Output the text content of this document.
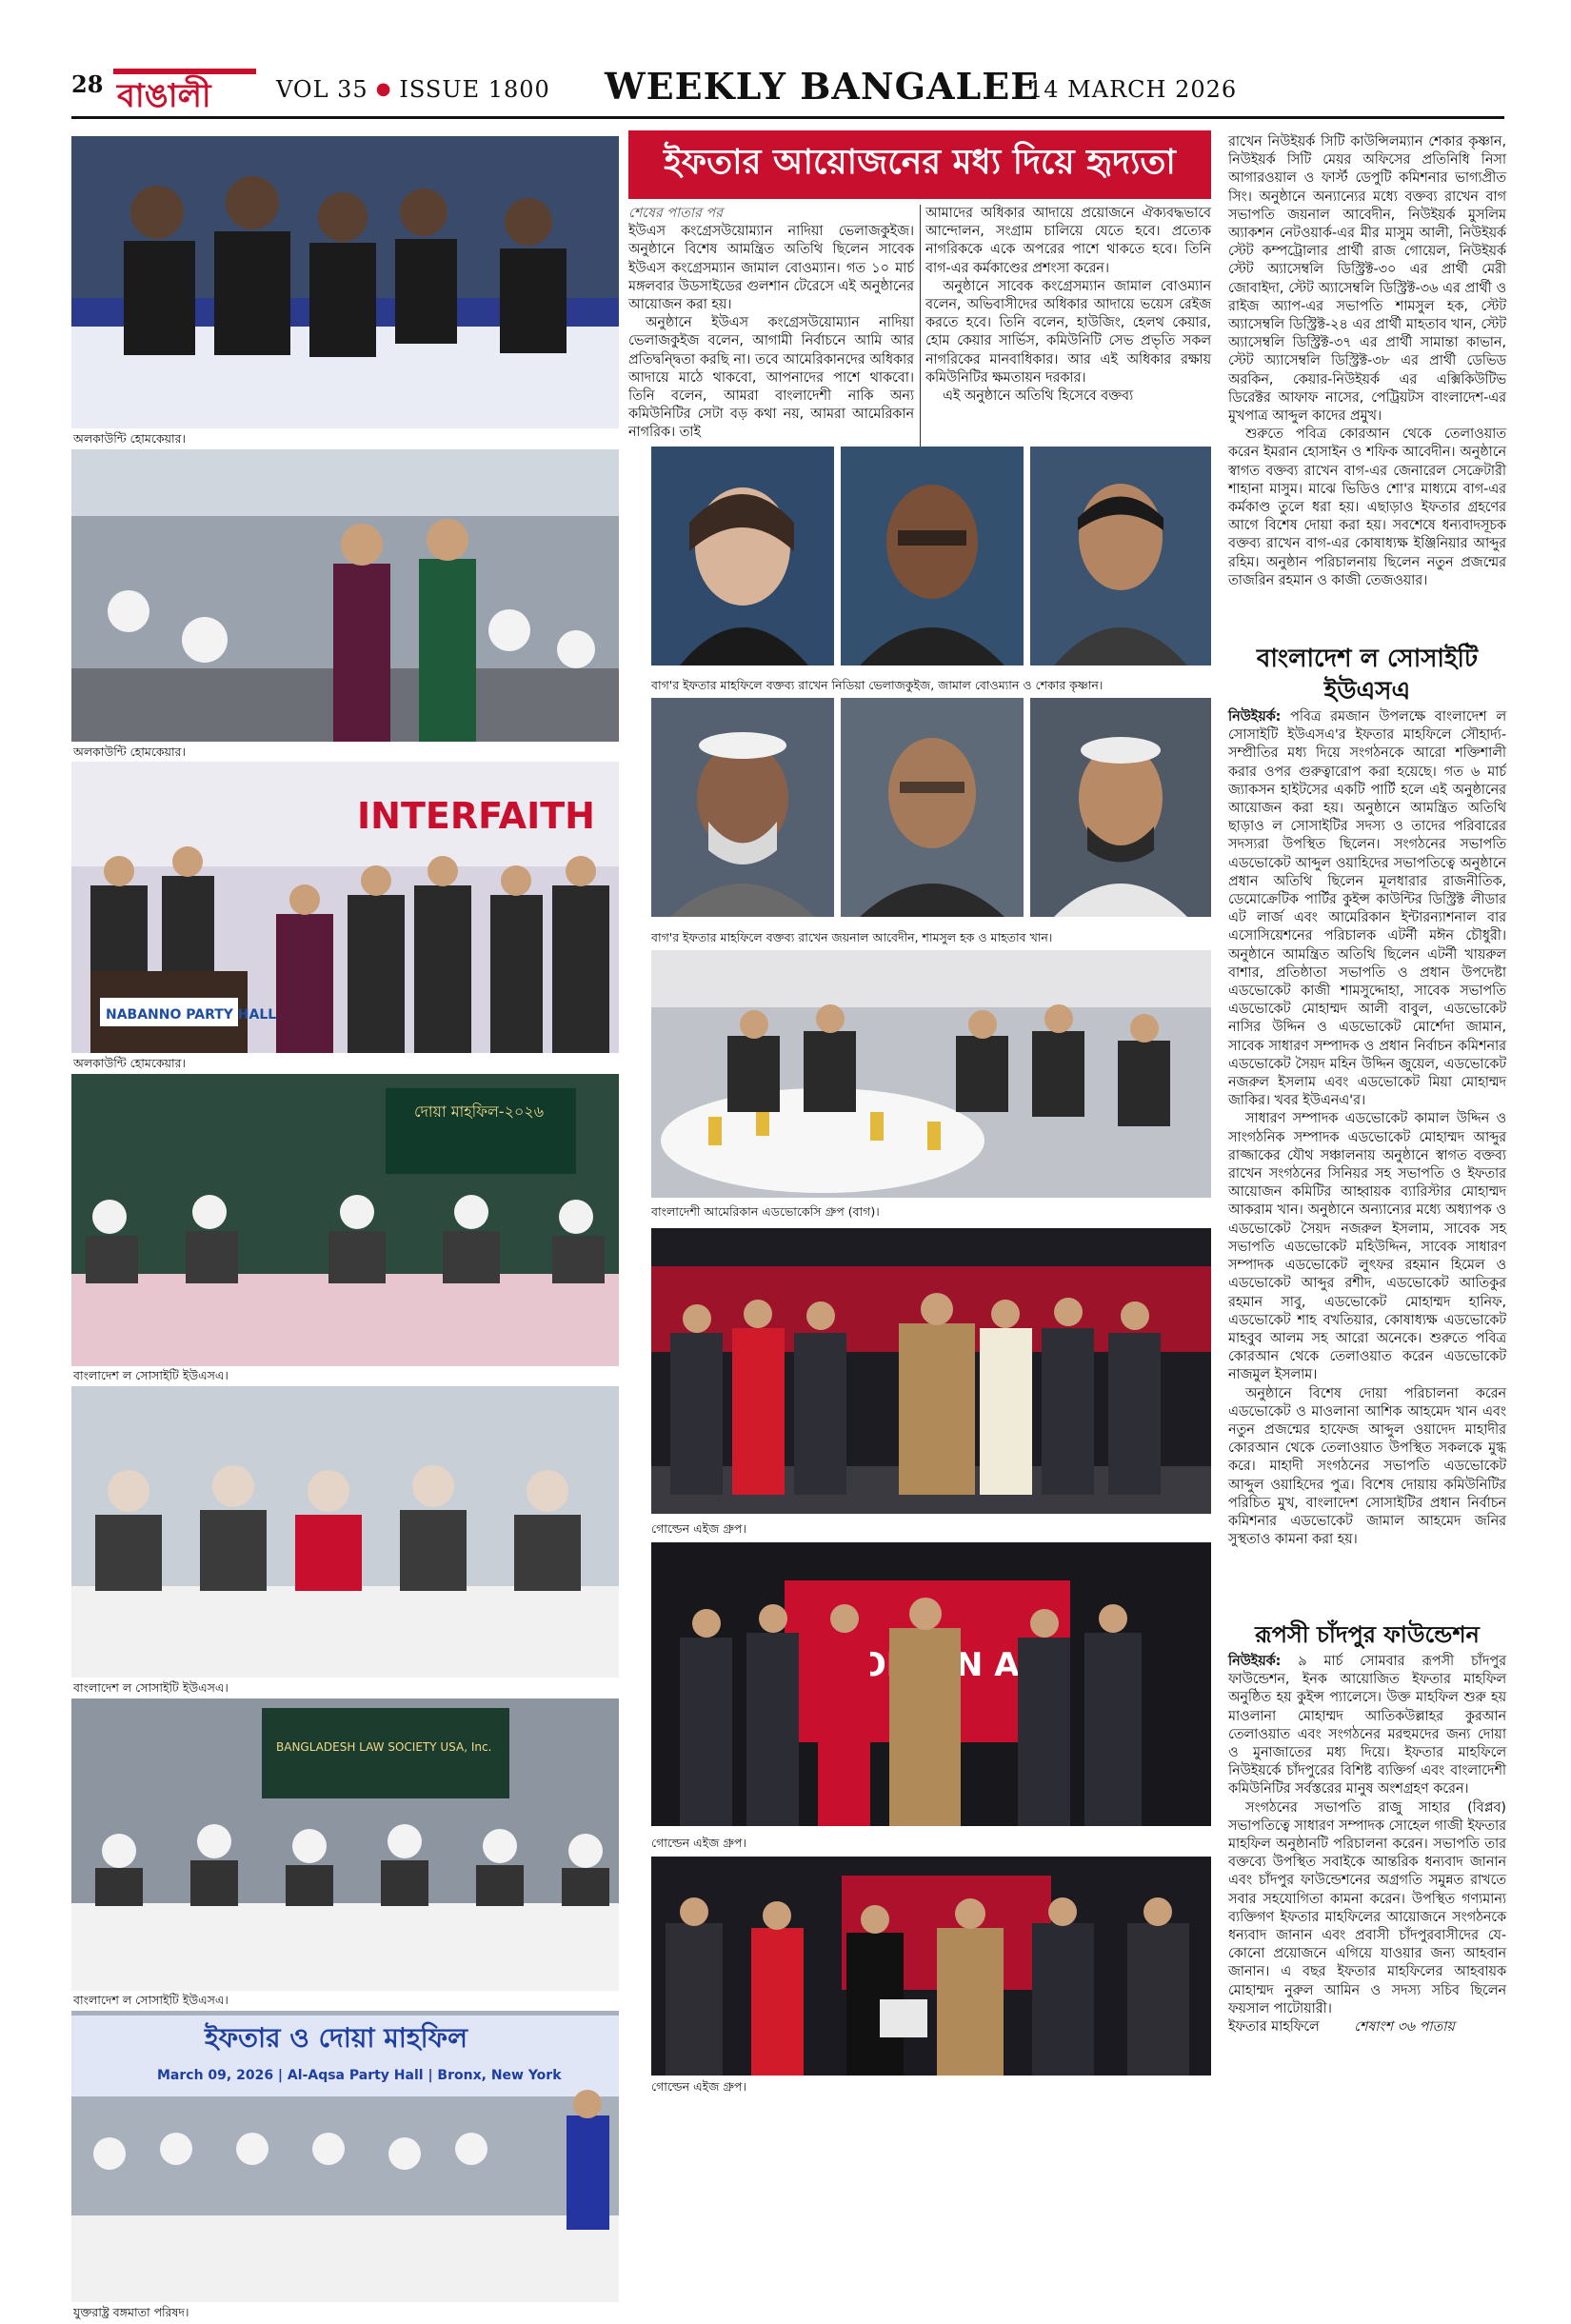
28 বাঙালী	VOL 35 ● ISSUE 1800 WEEKLY BANGALEE
14 MARCH 2026
অলকাউন্টি হোমকেয়ার।
অলকাউন্টি হোমকেয়ার।
INTERFAITH
NABANNO PARTY HALL
অলকাউন্টি হোমকেয়ার।
দোয়া মাহফিল-২০২৬
বাংলাদেশ ল সোসাইটি ইউএসএ।
বাংলাদেশ ল সোসাইটি ইউএসএ।
BANGLADESH LAW SOCIETY USA, Inc.
বাংলাদেশ ল সোসাইটি ইউএসএ।
ইফতার ও দোয়া মাহফিল
March 09, 2026 | Al-Aqsa Party Hall | Bronx, New York
যুক্তরাষ্ট্র বঙ্গমাতা পরিষদ।
ইফতার আয়োজনের মধ্য দিয়ে হৃদ্যতা

শেষের পাতার পর

ইউএস কংগ্রেসউয়োম্যান নাদিয়া ভেলাজকুইজ। অনুষ্ঠানে বিশেষ আমন্ত্রিত অতিথি ছিলেন সাবেক ইউএস কংগ্রেসম্যান জামাল বোওম্যান। গত ১০ মার্চ মঙ্গলবার উডসাইডের গুলশান টেরেসে এই অনুষ্ঠানের আয়োজন করা হয়।

অনুষ্ঠানে ইউএস কংগ্রেসউয়োম্যান নাদিয়া ভেলাজকুইজ বলেন, আগামী নির্বাচনে আমি আর প্রতিদ্বন্দ্বিতা করছি না। তবে আমেরিকানদের অধিকার আদায়ে মাঠে থাকবো, আপনাদের পাশে থাকবো। তিনি বলেন, আমরা বাংলাদেশী নাকি অন্য কমিউনিটির সেটা বড় কথা নয়, আমরা আমেরিকান নাগরিক। তাই

আমাদের অধিকার আদায়ে প্রয়োজনে ঐক্যবদ্ধভাবে আন্দোলন, সংগ্রাম চালিয়ে যেতে হবে। প্রত্যেক নাগরিককে একে অপরের পাশে থাকতে হবে। তিনি বাগ-এর কর্মকাণ্ডের প্রশংসা করেন।

অনুষ্ঠানে সাবেক কংগ্রেসম্যান জামাল বোওম্যান বলেন, অভিবাসীদের অধিকার আদায়ে ভয়েস রেইজ করতে হবে। তিনি বলেন, হাউজিং, হেলথ কেয়ার, হোম কেয়ার সার্ভিস, কমিউনিটি সেভ প্রভৃতি সকল নাগরিকের মানবাধিকার। আর এই অধিকার রক্ষায় কমিউনিটির ক্ষমতায়ন দরকার।

এই অনুষ্ঠানে অতিথি হিসেবে বক্তব্য

বাগ'র ইফতার মাহফিলে বক্তব্য রাখেন নিডিয়া ভেলাজকুইজ, জামাল বোওম্যান ও শেকার কৃষ্ণান।
বাগ'র ইফতার মাহফিলে বক্তব্য রাখেন জয়নাল আবেদীন, শামসুল হক ও মাহতাব খান।
বাংলাদেশী আমেরিকান এডভোকেসি গ্রুপ (বাগ)।
গোল্ডেন এইজ গ্রুপ।
গোল্ডেন এইজ গ্রুপ।
গোল্ডেন এইজ গ্রুপ।

রাখেন নিউইয়র্ক সিটি কাউন্সিলম্যান শেকার কৃষ্ণান, নিউইয়র্ক সিটি মেয়র অফিসের প্রতিনিধি নিসা আগারওয়াল ও ফার্স্ট ডেপুটি কমিশনার ভাগ্যপ্রীত সিং। অনুষ্ঠানে অন্যান্যের মধ্যে বক্তব্য রাখেন বাগ সভাপতি জয়নাল আবেদীন, নিউইয়র্ক মুসলিম অ্যাকশন নেটওয়ার্ক-এর মীর মাসুম আলী, নিউইয়র্ক স্টেট কম্পট্রোলার প্রার্থী রাজ গোয়েল, নিউইয়র্ক স্টেট অ্যাসেম্বলি ডিস্ট্রিক্ট-৩০ এর প্রার্থী মেরী জোবাইদা, স্টেট অ্যাসেম্বলি ডিস্ট্রিক্ট-৩৬ এর প্রার্থী ও রাইজ অ্যাপ-এর সভাপতি শামসুল হক, স্টেট অ্যাসেম্বলি ডিস্ট্রিক্ট-২৪ এর প্রার্থী মাহতাব খান, স্টেট অ্যাসেম্বলি ডিস্ট্রিক্ট-৩৭ এর প্রার্থী সামান্তা কাভান, স্টেট অ্যাসেম্বলি ডিস্ট্রিক্ট-৩৮ এর প্রার্থী ডেভিড অরকিন, কেয়ার-নিউইয়র্ক এর এক্সিকিউটিভ ডিরেক্টর আফাফ নাসের, পেট্রিয়টস বাংলাদেশ-এর মুখপাত্র আব্দুল কাদের প্রমুখ।

শুরুতে পবিত্র কোরআন থেকে তেলাওয়াত করেন ইমরান হোসাইন ও শফিক আবেদীন। অনুষ্ঠানে স্বাগত বক্তব্য রাখেন বাগ-এর জেনারেল সেক্রেটারী শাহানা মাসুম। মাঝে ভিডিও শো'র মাধ্যমে বাগ-এর কর্মকাণ্ড তুলে ধরা হয়। এছাড়াও ইফতার গ্রহণের আগে বিশেষ দোয়া করা হয়। সবশেষে ধন্যবাদসূচক বক্তব্য রাখেন বাগ-এর কোষাধ্যক্ষ ইঞ্জিনিয়ার আব্দুর রহিম। অনুষ্ঠান পরিচালনায় ছিলেন নতুন প্রজন্মের তাজরিন রহমান ও কাজী তেজওয়ার।

বাংলাদেশ ল সোসাইটি ইউএসএ

নিউইয়র্ক: পবিত্র রমজান উপলক্ষে বাংলাদেশ ল সোসাইটি ইউএসএ'র ইফতার মাহফিলে সৌহার্দ্য-সম্প্রীতির মধ্য দিয়ে সংগঠনকে আরো শক্তিশালী করার ওপর গুরুত্বারোপ করা হয়েছে। গত ৬ মার্চ জ্যাকসন হাইটসের একটি পার্টি হলে এই অনুষ্ঠানের আয়োজন করা হয়। অনুষ্ঠানে আমন্ত্রিত অতিথি ছাড়াও ল সোসাইটির সদস্য ও তাদের পরিবারের সদস্যরা উপস্থিত ছিলেন। সংগঠনের সভাপতি এডভোকেট আব্দুল ওয়াহিদের সভাপতিত্বে অনুষ্ঠানে প্রধান অতিথি ছিলেন মূলধারার রাজনীতিক, ডেমোক্রেটিক পার্টির কুইন্স কাউন্টির ডিস্ট্রিক্ট লীডার এট লার্জ এবং আমেরিকান ইন্টারন্যাশনাল বার এসোসিয়েশনের পরিচালক এটর্নী মঈন চৌধুরী। অনুষ্ঠানে আমন্ত্রিত অতিথি ছিলেন এটর্নী খায়রুল বাশার, প্রতিষ্ঠাতা সভাপতি ও প্রধান উপদেষ্টা এডভোকেট কাজী শামসুদ্দোহা, সাবেক সভাপতি এডভোকেট মোহাম্মদ আলী বাবুল, এডভোকেট নাসির উদ্দিন ও এডভোকেট মোর্শেদা জামান, সাবেক সাধারণ সম্পাদক ও প্রধান নির্বাচন কমিশনার এডভোকেট সৈয়দ মহিন উদ্দিন জুয়েল, এডভোকেট নজরুল ইসলাম এবং এডভোকেট মিয়া মোহাম্মদ জাকির। খবর ইউএনএ'র।

সাধারণ সম্পাদক এডভোকেট কামাল উদ্দিন ও সাংগঠনিক সম্পাদক এডভোকেট মোহাম্মদ আব্দুর রাজ্জাকের যৌথ সঞ্চালনায় অনুষ্ঠানে স্বাগত বক্তব্য রাখেন সংগঠনের সিনিয়র সহ সভাপতি ও ইফতার আয়োজন কমিটির আহ্বায়ক ব্যারিস্টার মোহাম্মদ আকরাম খান। অনুষ্ঠানে অন্যান্যের মধ্যে অধ্যাপক ও এডভোকেট সৈয়দ নজরুল ইসলাম, সাবেক সহ সভাপতি এডভোকেট মহিউদ্দিন, সাবেক সাধারণ সম্পাদক এডভোকেট লুৎফর রহমান হিমেল ও এডভোকেট আব্দুর রশীদ, এডভোকেট আতিকুর রহমান সাবু, এডভোকেট মোহাম্মদ হানিফ, এডভোকেট শাহ বখতিয়ার, কোষাধ্যক্ষ এডভোকেট মাহবুব আলম সহ আরো অনেকে। শুরুতে পবিত্র কোরআন থেকে তেলাওয়াত করেন এডভোকেট নাজমুল ইসলাম।

অনুষ্ঠানে বিশেষ দোয়া পরিচালনা করেন এডভোকেট ও মাওলানা আশিক আহমেদ খান এবং নতুন প্রজন্মের হাফেজ আব্দুল ওয়াদেদ মাহাদীর কোরআন থেকে তেলাওয়াত উপস্থিত সকলকে মুগ্ধ করে। মাহাদী সংগঠনের সভাপতি এডভোকেট আব্দুল ওয়াহিদের পুত্র। বিশেষ দোয়ায় কমিউনিটির পরিচিত মুখ, বাংলাদেশ সোসাইটির প্রধান নির্বাচন কমিশনার এডভোকেট জামাল আহমেদ জনির সুস্থতাও কামনা করা হয়।

রূপসী চাঁদপুর ফাউন্ডেশন

নিউইয়র্ক: ৯ মার্চ সোমবার রূপসী চাঁদপুর ফাউন্ডেশন, ইনক আয়োজিত ইফতার মাহফিল অনুষ্ঠিত হয় কুইন্স প্যালেসে। উক্ত মাহফিল শুরু হয় মাওলানা মোহাম্মদ আতিকউল্লাহর কুরআন তেলাওয়াত এবং সংগঠনের মরহুমদের জন্য দোয়া ও মুনাজাতের মধ্য দিয়ে। ইফতার মাহফিলে নিউইয়র্কে চাঁদপুরের বিশিষ্ট ব্যক্তির্গ এবং বাংলাদেশী কমিউনিটির সর্বস্তরের মানুষ অংশগ্রহণ করেন।

সংগঠনের সভাপতি রাজু সাহার (বিপ্লব) সভাপতিত্বে সাধারণ সম্পাদক সোহেল গাজী ইফতার মাহফিল অনুষ্ঠানটি পরিচালনা করেন। সভাপতি তার বক্তব্যে উপস্থিত সবাইকে আন্তরিক ধন্যবাদ জানান এবং চাঁদপুর ফাউন্ডেশনের অগ্রগতি সমুন্নত রাখতে সবার সহযোগিতা কামনা করেন। উপস্থিত গণ্যমান্য ব্যক্তিগণ ইফতার মাহফিলের আয়োজনে সংগঠনকে ধন্যবাদ জানান এবং প্রবাসী চাঁদপুরবাসীদের যে-কোনো প্রয়োজনে এগিয়ে যাওয়ার জন্য আহবান জানান। এ বছর ইফতার মাহফিলের আহবায়ক মোহাম্মদ নুরুল আমিন ও সদস্য সচিব ছিলেন ফয়সাল পাটোয়ারী।

ইফতার মাহফিলে	শেষাংশ ৩৬ পাতায়
